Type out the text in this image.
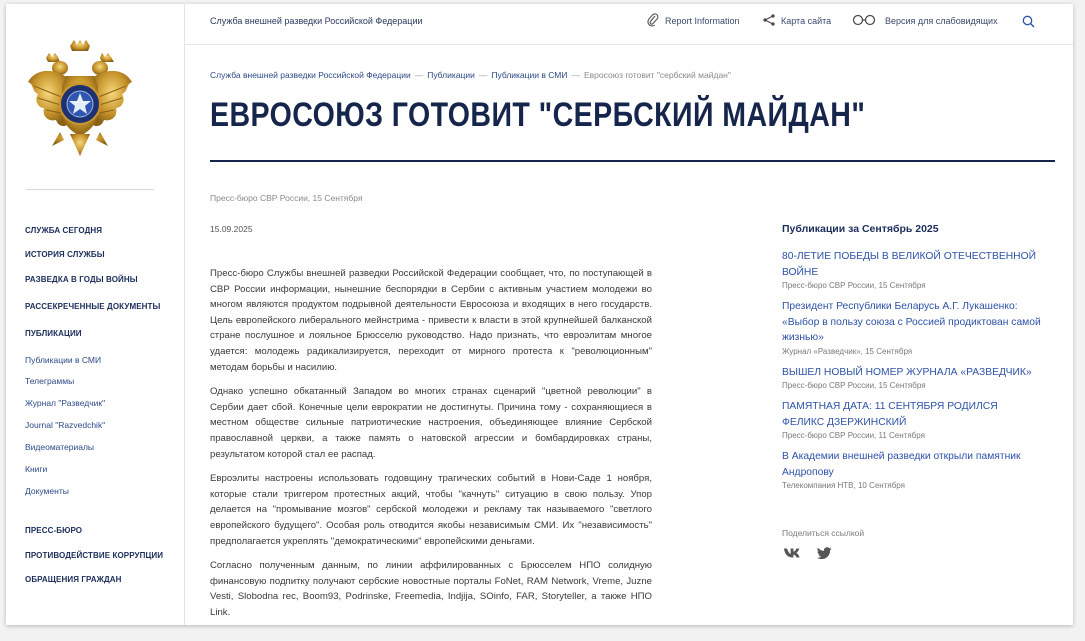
СЛУЖБА СЕГОДНЯ
ИСТОРИЯ СЛУЖБЫ
РАЗВЕДКА В ГОДЫ ВОЙНЫ
РАССЕКРЕЧЕННЫЕ ДОКУМЕНТЫ
ПУБЛИКАЦИИ
Публикации в СМИ
Телеграммы
Журнал "Разведчик"
Journal "Razvedchik"
Видеоматериалы
Книги
Документы
ПРЕСС-БЮРО
ПРОТИВОДЕЙСТВИЕ КОРРУПЦИИ
ОБРАЩЕНИЯ ГРАЖДАН
Служба внешней разведки Российской Федерации	Report Information	Карта сайта	Версия для слабовидящих
Служба внешней разведки Российской Федерации — Публикации — Публикации в СМИ — Евросоюз готовит "сербский майдан"
ЕВРОСОЮЗ ГОТОВИТ "СЕРБСКИЙ МАЙДАН"
Пресс-бюро СВР России, 15 Сентября
15.09.2025

Пресс-бюро Службы внешней разведки Российской Федерации сообщает, что, по поступающей в СВР России информации, нынешние беспорядки в Сербии с активным участием молодежи во многом являются продуктом подрывной деятельности Евросоюза и входящих в него государств. Цель европейского либерального мейнстрима - привести к власти в этой крупнейшей балканской стране послушное и лояльное Брюсселю руководство. Надо признать, что евроэлитам многое удается: молодежь радикализируется, переходит от мирного протеста к "революционным" методам борьбы и насилию.

Однако успешно обкатанный Западом во многих странах сценарий "цветной революции" в Сербии дает сбой. Конечные цели еврократии не достигнуты. Причина тому - сохраняющиеся в местном обществе сильные патриотические настроения, объединяющее влияние Сербской православной церкви, а также память о натовской агрессии и бомбардировках страны, результатом которой стал ее распад.

Евроэлиты настроены использовать годовщину трагических событий в Нови-Саде 1 ноября, которые стали триггером протестных акций, чтобы "качнуть" ситуацию в свою пользу. Упор делается на "промывание мозгов" сербской молодежи и рекламу так называемого "светлого европейского будущего". Особая роль отводится якобы независимым СМИ. Их "независимость" предполагается укреплять "демократическими" европейскими деньгами.

Согласно полученным данным, по линии аффилированных с Брюсселем НПО солидную финансовую подпитку получают сербские новостные порталы FoNet, RAM Network, Vreme, Juzne Vesti, Slobodna rec, Boom93, Podrinske, Freemedia, Indjija, SOinfo, FAR, Storyteller, а также НПО Link.

Публикации за Сентябрь 2025
80-ЛЕТИЕ ПОБЕДЫ В ВЕЛИКОЙ ОТЕЧЕСТВЕННОЙ ВОЙНЕ
Пресс-бюро СВР России, 15 Сентября
Президент Республики Беларусь А.Г. Лукашенко: «Выбор в пользу союза с Россией продиктован самой жизнью»
Журнал «Разведчик», 15 Сентября
ВЫШЕЛ НОВЫЙ НОМЕР ЖУРНАЛА «РАЗВЕДЧИК»
Пресс-бюро СВР России, 15 Сентября
ПАМЯТНАЯ ДАТА: 11 СЕНТЯБРЯ РОДИЛСЯ ФЕЛИКС ДЗЕРЖИНСКИЙ
Пресс-бюро СВР России, 11 Сентября
В Академии внешней разведки открыли памятник Андропову
Телекомпания НТВ, 10 Сентября
Поделиться ссылкой
